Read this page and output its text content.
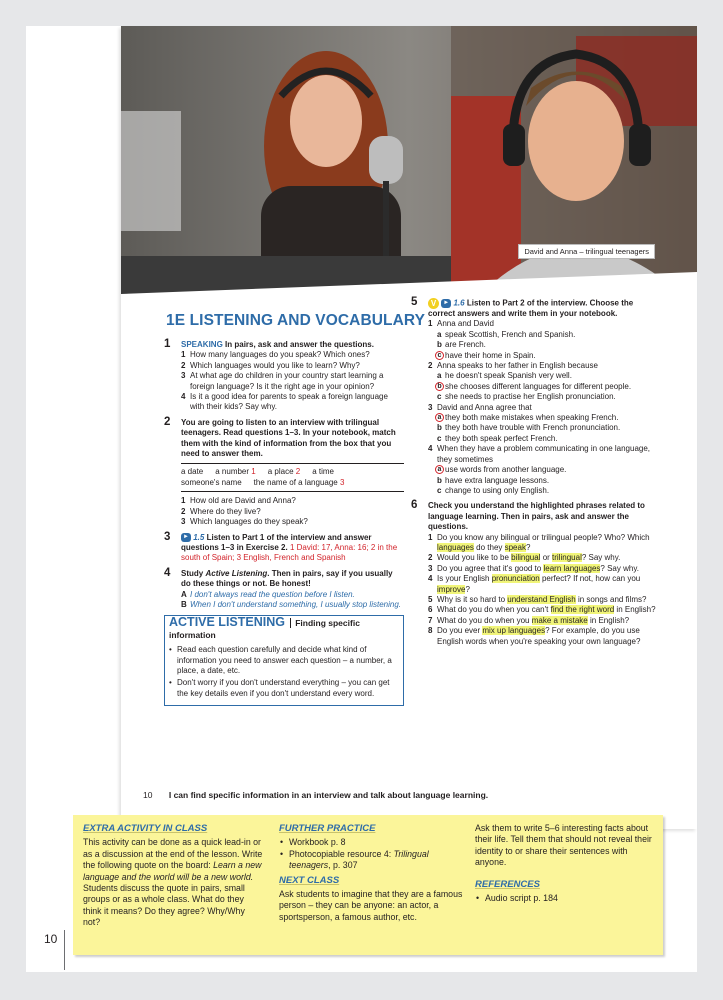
10
David and Anna – trilingual teenagers
1E LISTENING AND VOCABULARY
1 SPEAKING In pairs, ask and answer the questions.
1 How many languages do you speak? Which ones?
2 Which languages would you like to learn? Why?
3 At what age do children in your country start learning a foreign language? Is it the right age in your opinion?
4 Is it a good idea for parents to speak a foreign language with their kids? Say why.
2 You are going to listen to an interview with trilingual teenagers. Read questions 1–3. In your notebook, match them with the kind of information from the box that you need to answer them.
a date a number 1 a place 2 a time
someone's name the name of a language 3
1 How old are David and Anna?
2 Where do they live?
3 Which languages do they speak?
3	► 1.5 Listen to Part 1 of the interview and answer questions 1–3 in Exercise 2. 1 David: 17, Anna: 16; 2 in the south of Spain; 3 English, French and Spanish
4 Study Active Listening. Then in pairs, say if you usually do these things or not. Be honest!
A I don't always read the question before I listen.
B When I don't understand something, I usually stop listening.
ACTIVE LISTENING Finding specific information
• Read each question carefully and decide what kind of information you need to answer each question – a number, a place, a date, etc.
• Don't worry if you don't understand everything – you can get the key details even if you don't understand every word.
5	V ► 1.6 Listen to Part 2 of the interview. Choose the correct answers and write them in your notebook.
1 Anna and David
a speak Scottish, French and Spanish.
b are French.
c have their home in Spain.
2 Anna speaks to her father in English because
a he doesn't speak Spanish very well.
b she chooses different languages for different people.
c she needs to practise her English pronunciation.
3 David and Anna agree that
a they both make mistakes when speaking French.
b they both have trouble with French pronunciation.
c they both speak perfect French.
4 When they have a problem communicating in one language, they sometimes
a use words from another language.
b have extra language lessons.
c change to using only English.
6 Check you understand the highlighted phrases related to language learning. Then in pairs, ask and answer the questions.
1 Do you know any bilingual or trilingual people? Who? Which languages do they speak?
2 Would you like to be bilingual or trilingual? Say why.
3 Do you agree that it's good to learn languages? Say why.
4 Is your English pronunciation perfect? If not, how can you improve?
5 Why is it so hard to understand English in songs and films?
6 What do you do when you can't find the right word in English?
7 What do you do when you make a mistake in English?
8 Do you ever mix up languages? For example, do you use English words when you're speaking your own language?
10 I can find specific information in an interview and talk about language learning.
EXTRA ACTIVITY IN CLASS
This activity can be done as a quick lead-in or as a discussion at the end of the lesson. Write the following quote on the board: Learn a new language and the world will be a new world. Students discuss the quote in pairs, small groups or as a whole class. What do they think it means? Do they agree? Why/Why not?
FURTHER PRACTICE
• Workbook p. 8
• Photocopiable resource 4: Trilingual teenagers, p. 307
NEXT CLASS
Ask students to imagine that they are a famous person – they can be anyone: an actor, a sportsperson, a famous author, etc.
Ask them to write 5–6 interesting facts about their life. Tell them that should not reveal their identity to or share their sentences with anyone.
REFERENCES
• Audio script p. 184
